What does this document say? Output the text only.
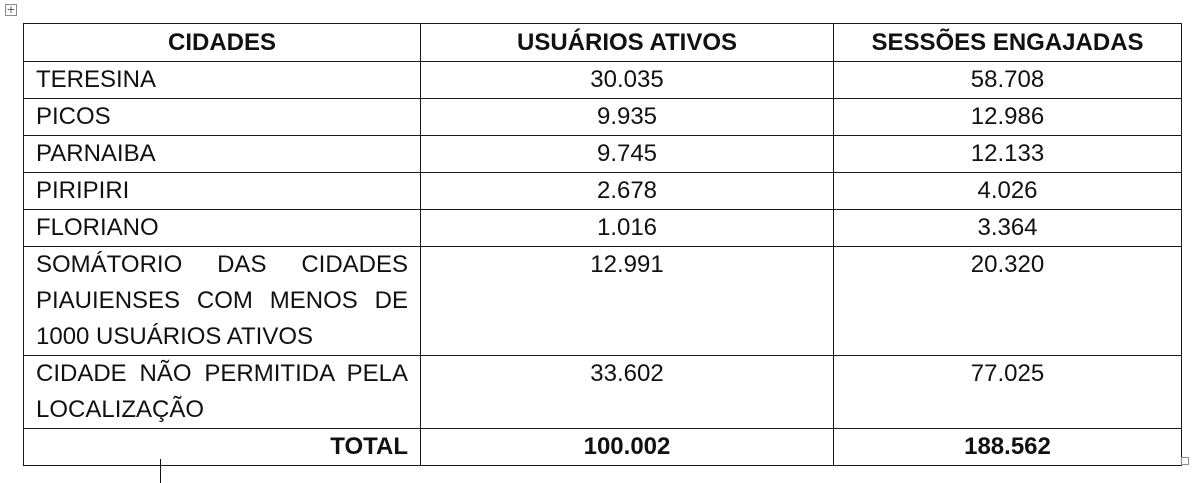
+
CIDADES	USUÁRIOS ATIVOS	SESSÕES ENGAJADAS
TERESINA	30.035	58.708
PICOS	9.935	12.986
PARNAIBA	9.745	12.133
PIRIPIRI	2.678	4.026
FLORIANO	1.016	3.364
SOMÁTORIO DAS CIDADES PIAUIENSES COM MENOS DE 1000 USUÁRIOS ATIVOS	12.991	20.320
CIDADE NÃO PERMITIDA PELA LOCALIZAÇÃO	33.602	77.025
TOTAL	100.002	188.562
